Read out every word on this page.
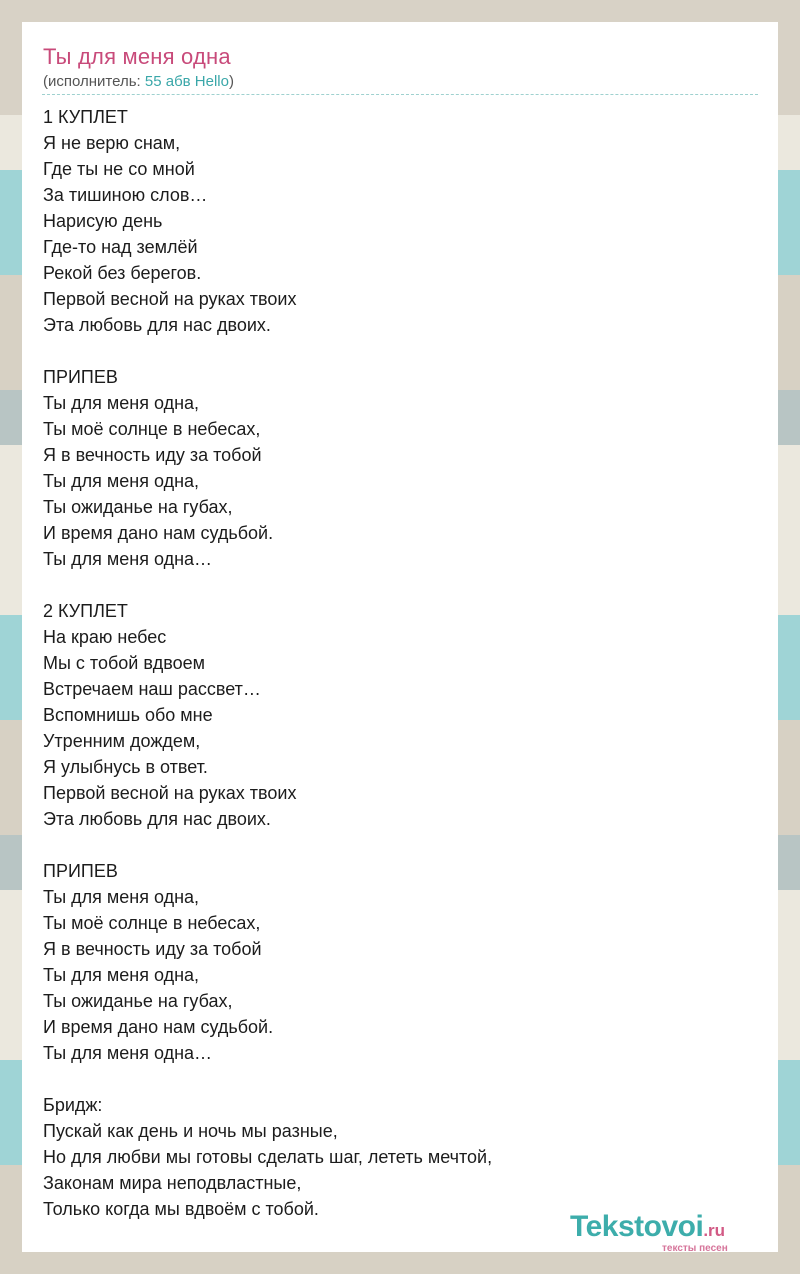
Ты для меня одна
(исполнитель: 55 абв Hello)
1 КУПЛЕТ
Я не верю снам,
Где ты не со мной
За тишиною слов…
Нарисую день
Где-то над землёй
Рекой без берегов.
Первой весной на руках твоих
Эта любовь для нас двоих.
ПРИПЕВ
Ты для меня одна,
Ты моё солнце в небесах,
Я в вечность иду за тобой
Ты для меня одна,
Ты ожиданье на губах,
И время дано нам судьбой.
Ты для меня одна…
2 КУПЛЕТ
На краю небес
Мы с тобой вдвоем
Встречаем наш рассвет…
Вспомнишь обо мне
Утренним дождем,
Я улыбнусь в ответ.
Первой весной на руках твоих
Эта любовь для нас двоих.
ПРИПЕВ
Ты для меня одна,
Ты моё солнце в небесах,
Я в вечность иду за тобой
Ты для меня одна,
Ты ожиданье на губах,
И время дано нам судьбой.
Ты для меня одна…
Бридж:
Пускай как день и ночь мы разные,
Но для любви мы готовы сделать шаг, лететь мечтой,
Законам мира неподвластные,
Только когда мы вдвоём с тобой.
Tekstovoi.ru
тексты песен
